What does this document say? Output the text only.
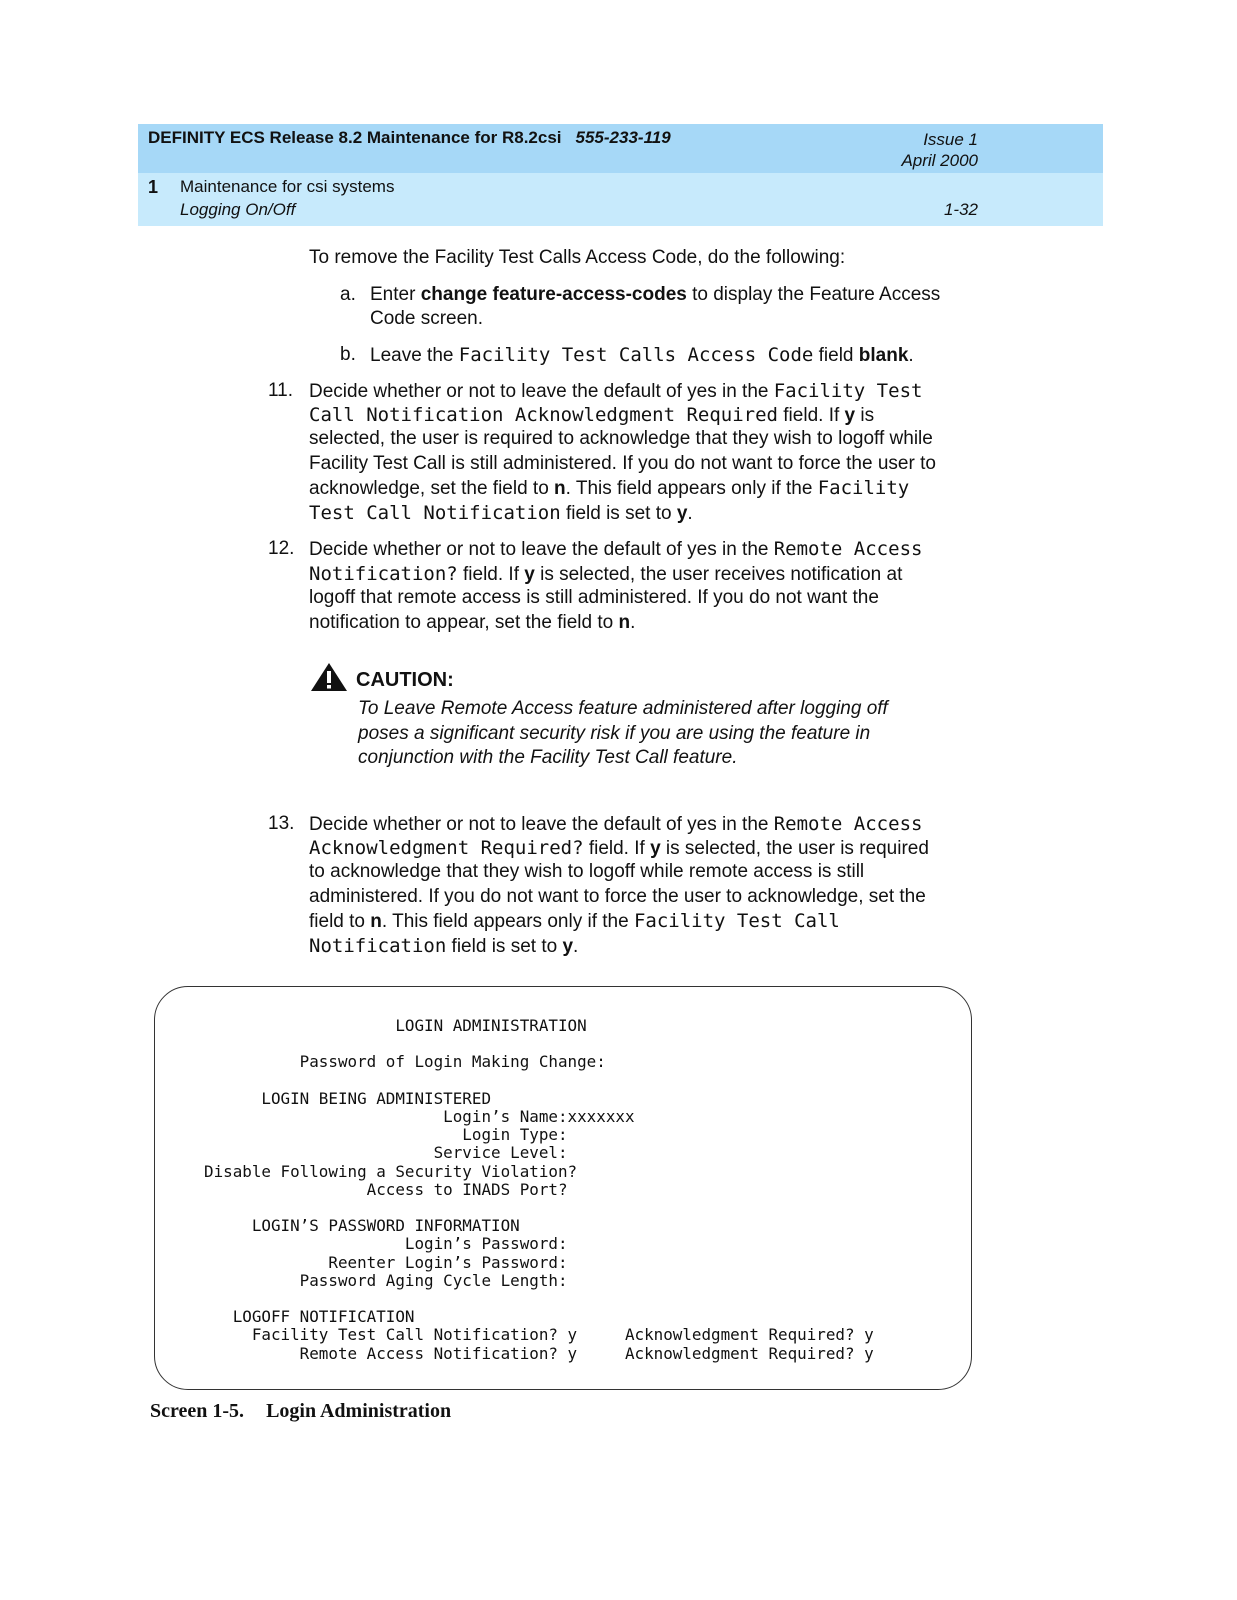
DEFINITY ECS Release 8.2 Maintenance for R8.2csi 555-233-119	Issue 1
April 2000
1 Maintenance for csi systems
Logging On/Off	1-32
To remove the Facility Test Calls Access Code, do the following:
a. Enter change feature-access-codes to display the Feature Access
Code screen.
b. Leave the Facility Test Calls Access Code field blank.
11. Decide whether or not to leave the default of yes in the Facility Test
Call Notification Acknowledgment Required field. If y is
selected, the user is required to acknowledge that they wish to logoff while
Facility Test Call is still administered. If you do not want to force the user to
acknowledge, set the field to n. This field appears only if the Facility
Test Call Notification field is set to y.
12. Decide whether or not to leave the default of yes in the Remote Access
Notification? field. If y is selected, the user receives notification at
logoff that remote access is still administered. If you do not want the
notification to appear, set the field to n.
CAUTION:
To Leave Remote Access feature administered after logging off
poses a significant security risk if you are using the feature in
conjunction with the Facility Test Call feature.
13. Decide whether or not to leave the default of yes in the Remote Access
Acknowledgment Required? field. If y is selected, the user is required
to acknowledge that they wish to logoff while remote access is still
administered. If you do not want to force the user to acknowledge, set the
field to n. This field appears only if the Facility Test Call
Notification field is set to y.
LOGIN ADMINISTRATION

Password of Login Making Change:

LOGIN BEING ADMINISTERED
Login’s Name:xxxxxxx
Login Type:
Service Level:
Disable Following a Security Violation?
Access to INADS Port?

LOGIN’S PASSWORD INFORMATION
Login’s Password:
Reenter Login’s Password:
Password Aging Cycle Length:

LOGOFF NOTIFICATION
Facility Test Call Notification? y     Acknowledgment Required? y
Remote Access Notification? y     Acknowledgment Required? y
Screen 1-5. Login Administration
